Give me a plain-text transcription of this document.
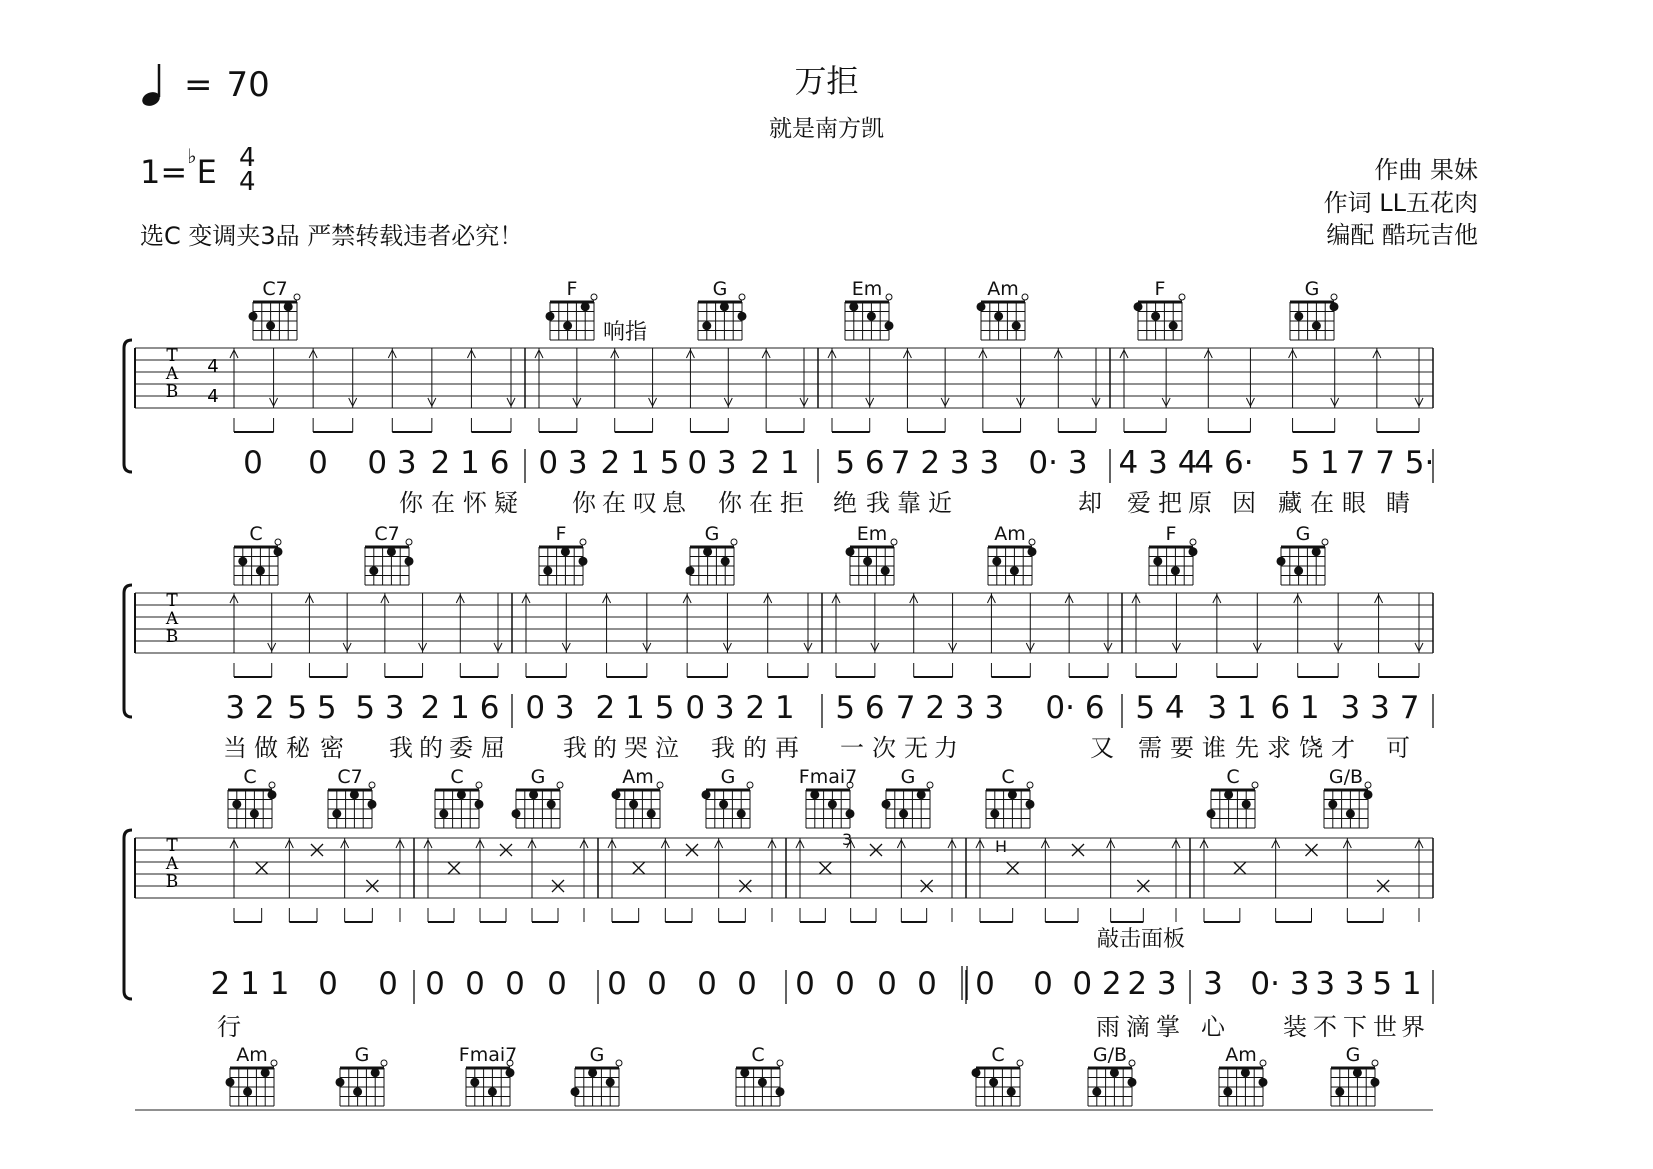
万拒
就是南方凯
= 70
1=♭E 4
4
选C 变调夹3品 严禁转载违者必究！
作曲 果妹
作词 LL五花肉
编配 酷玩吉他
T
A
B
4
4
C7	F	G	Em	Am	F	G
0 0 0 3 2 1 6 0 3 2 1 5 0 3 2 1 5 6 7 2 3 3 0· 3 4 3 4
4 6· 5 1 7 7 5·
你 在 怀 疑 你 在 叹 息 你 在 拒 绝 我 靠 近	却 爱 把 原 因 藏 在 眼 睛
响指
T
A
B
C	C7	F	G	Em	Am	F	G
3 2 5 5 5 3 2 1 6 0 3 2 1 5 0 3 2 1 5 6 7 2 3 3 0· 6 5 4 3 1 6 1 3 3 7
当 做 秘 密 我 的 委 屈 我 的 哭 泣 我 的 再 一 次 无 力	又 需 要 谁 先 求 饶 才 可
T
A
B
C	C7	C	G	Am	G	Fmai7 G	C	C	G/B
2 1 1 0 0 0 0 0 0 0 0 0 0 0 0 0 0 0 0 0 2 2 3 3 0· 3 3 3 5 1
行	雨 滴 掌 心 装 不 下 世 界
敲击面板
H
3
Am	G	Fmai7	G	C	C	G/B	Am	G
